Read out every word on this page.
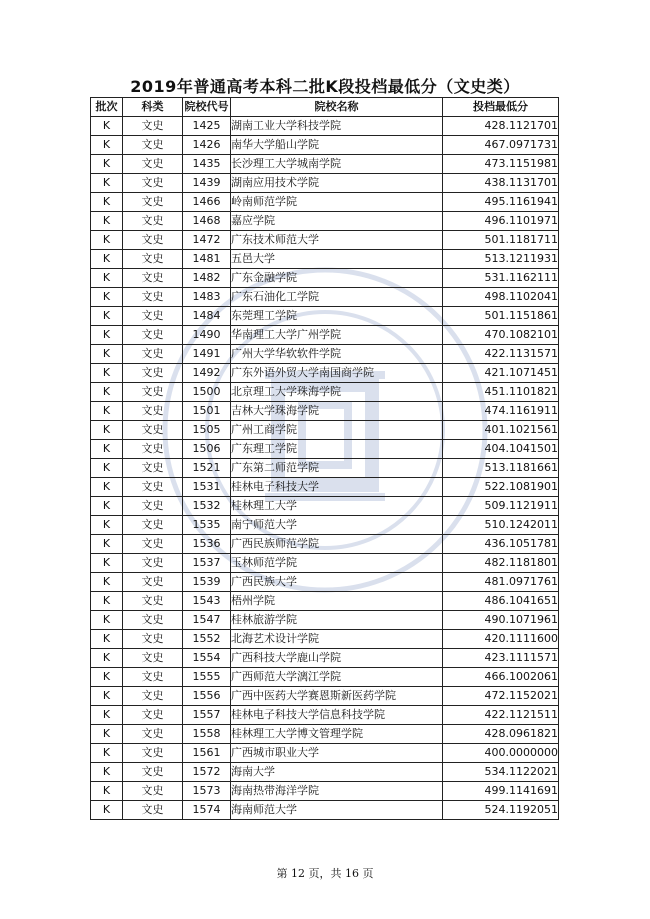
2019年普通高考本科二批K段投档最低分（文史类）
批次	科类	院校代号	院校名称	投档最低分
K	文史	1425	湖南工业大学科技学院	428.1121701
K	文史	1426	南华大学船山学院	467.0971731
K	文史	1435	长沙理工大学城南学院	473.1151981
K	文史	1439	湖南应用技术学院	438.1131701
K	文史	1466	岭南师范学院	495.1161941
K	文史	1468	嘉应学院	496.1101971
K	文史	1472	广东技术师范大学	501.1181711
K	文史	1481	五邑大学	513.1211931
K	文史	1482	广东金融学院	531.1162111
K	文史	1483	广东石油化工学院	498.1102041
K	文史	1484	东莞理工学院	501.1151861
K	文史	1490	华南理工大学广州学院	470.1082101
K	文史	1491	广州大学华软软件学院	422.1131571
K	文史	1492	广东外语外贸大学南国商学院	421.1071451
K	文史	1500	北京理工大学珠海学院	451.1101821
K	文史	1501	吉林大学珠海学院	474.1161911
K	文史	1505	广州工商学院	401.1021561
K	文史	1506	广东理工学院	404.1041501
K	文史	1521	广东第二师范学院	513.1181661
K	文史	1531	桂林电子科技大学	522.1081901
K	文史	1532	桂林理工大学	509.1121911
K	文史	1535	南宁师范大学	510.1242011
K	文史	1536	广西民族师范学院	436.1051781
K	文史	1537	玉林师范学院	482.1181801
K	文史	1539	广西民族大学	481.0971761
K	文史	1543	梧州学院	486.1041651
K	文史	1547	桂林旅游学院	490.1071961
K	文史	1552	北海艺术设计学院	420.1111600
K	文史	1554	广西科技大学鹿山学院	423.1111571
K	文史	1555	广西师范大学漓江学院	466.1002061
K	文史	1556	广西中医药大学赛恩斯新医药学院	472.1152021
K	文史	1557	桂林电子科技大学信息科技学院	422.1121511
K	文史	1558	桂林理工大学博文管理学院	428.0961821
K	文史	1561	广西城市职业大学	400.0000000
K	文史	1572	海南大学	534.1122021
K	文史	1573	海南热带海洋学院	499.1141691
K	文史	1574	海南师范大学	524.1192051
第 12 页，共 16 页
